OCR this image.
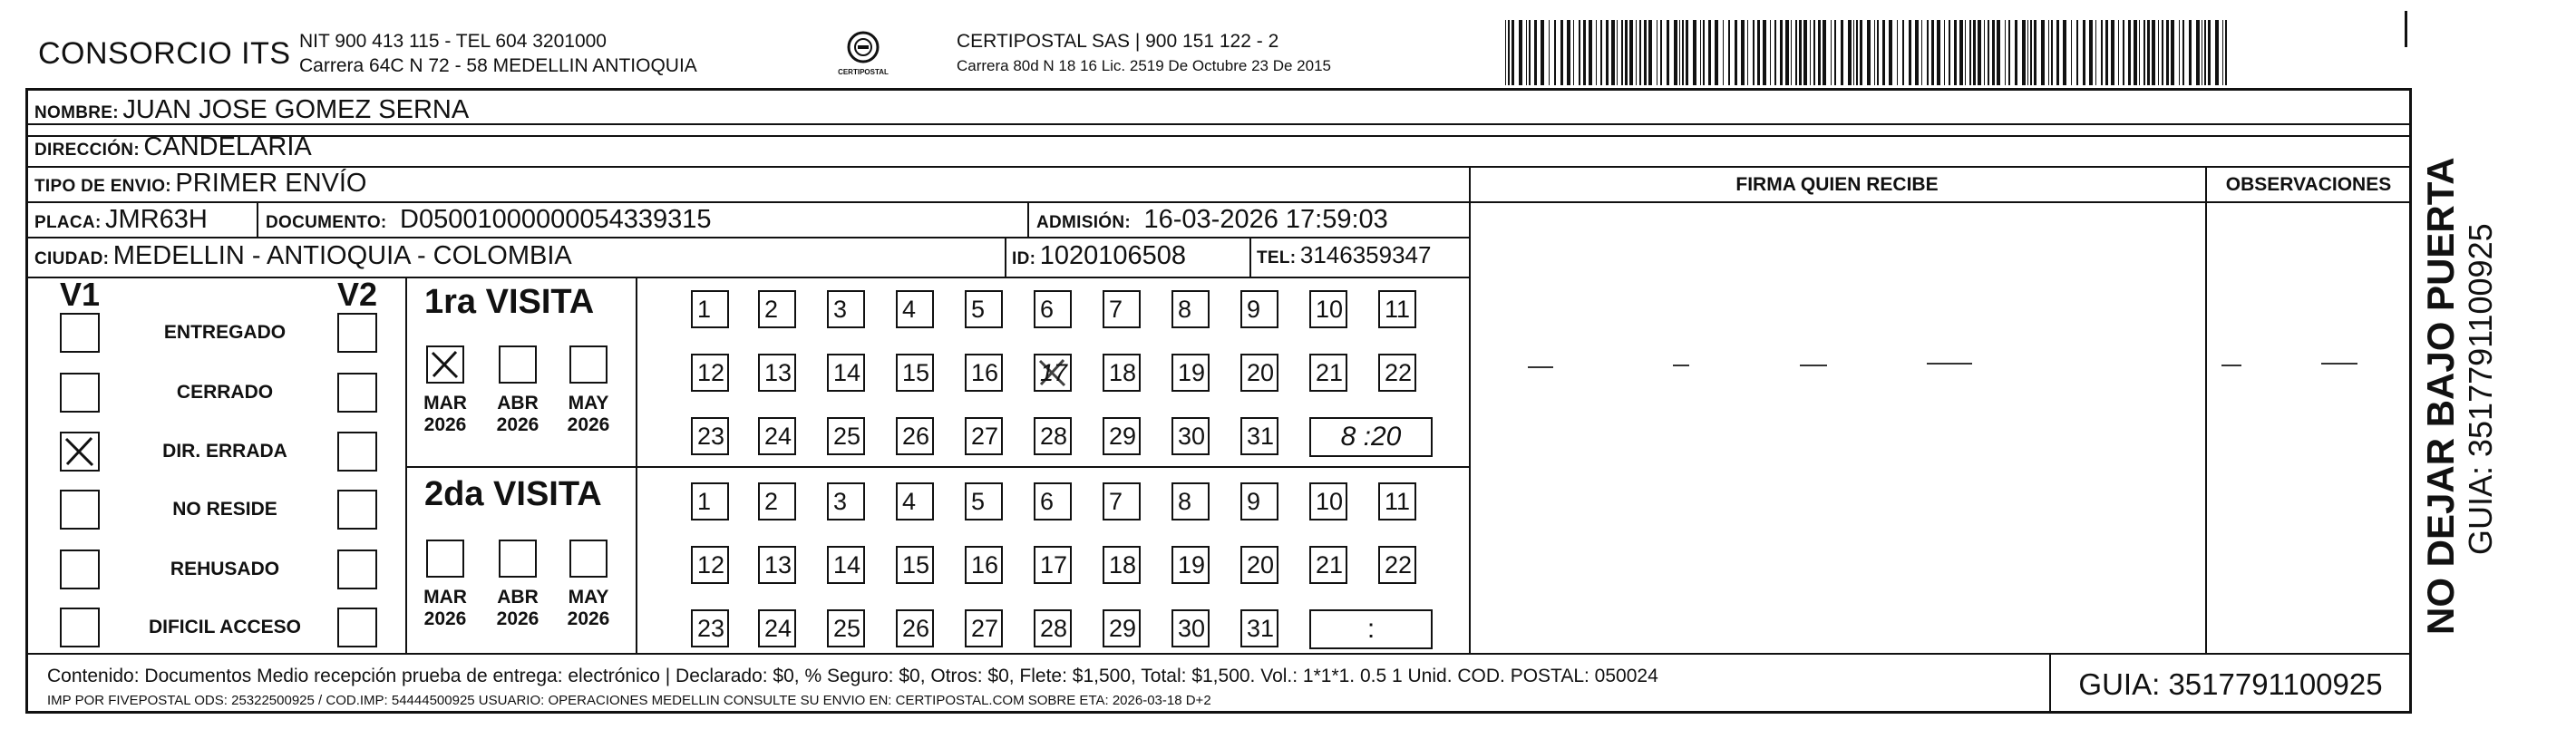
CONSORCIO ITS NIT 900 413 115 - TEL 604 3201000
Carrera 64C N 72 - 58 MEDELLIN ANTIOQUIA	CERTIPOSTAL
CERTIPOSTAL SAS | 900 151 122 - 2
Carrera 80d N 18 16 Lic. 2519 De Octubre 23 De 2015
NOMBRE: JUAN JOSE GOMEZ SERNA
DIRECCIÓN: CANDELARIA
TIPO DE ENVIO: PRIMER ENVÍO	FIRMA QUIEN RECIBE	OBSERVACIONES
PLACA: JMR63H	DOCUMENTO: D05001000000054339315	ADMISIÓN: 16-03-2026 17:59:03
CIUDAD: MEDELLIN - ANTIOQUIA - COLOMBIA	ID: 1020106508	TEL: 3146359347
V1	V2
ENTREGADO
CERRADO
DIR. ERRADA
NO RESIDE
REHUSADO
DIFICIL ACCESO
1ra VISITA
MAR
2026
ABR
2026
MAY
2026
1	2	3	4	5	6	7	8	9	10 11
12 13 14 15 16 17 18 19 20 21 22
23 24 25 26 27 28 29 30 31	8 :20
2da VISITA
MAR
2026
ABR
2026
MAY
2026
1	2	3	4	5	6	7	8	9	10 11
12 13 14 15 16 17 18 19 20 21 22
23 24 25 26 27 28 29 30 31	:
Contenido: Documentos Medio recepción prueba de entrega: electrónico | Declarado: $0, % Seguro: $0, Otros: $0, Flete: $1,500, Total: $1,500. Vol.: 1*1*1. 0.5 1 Unid. COD. POSTAL: 050024
IMP POR FIVEPOSTAL ODS: 25322500925 / COD.IMP: 54444500925 USUARIO: OPERACIONES MEDELLIN CONSULTE SU ENVIO EN: CERTIPOSTAL.COM SOBRE ETA: 2026-03-18 D+2	GUIA: 3517791100925
NO DEJAR BAJO PUERTA GUIA: 3517791100925
